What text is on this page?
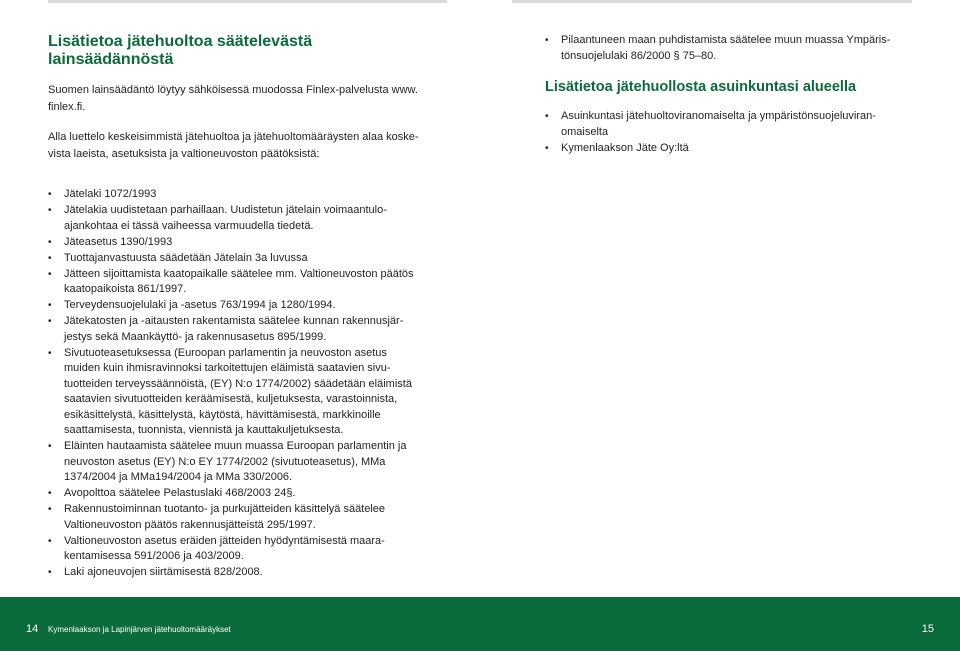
Lisätietoa jätehuoltoa säätelevästä lainsäädännöstä

Suomen lainsäädäntö löytyy sähköisessä muodossa Finlex-palvelusta www. finlex.fi.

Alla luettelo keskeisimmistä jätehuoltoa ja jätehuoltomääräysten alaa koskevista laeista, asetuksista ja valtioneuvoston päätöksistä:

• Jätelaki 1072/1993
• Jätelakia uudistetaan parhaillaan. Uudistetun jätelain voimaantuloajankohtaa ei tässä vaiheessa varmuudella tiedetä.
• Jäteasetus 1390/1993
• Tuottajanvastuusta säädetään Jätelain 3a luvussa
• Jätteen sijoittamista kaatopaikalle säätelee mm. Valtioneuvoston päätös kaatopaikoista 861/1997.
• Terveydensuojelulaki ja -asetus 763/1994 ja 1280/1994.
• Jätekatosten ja -aitausten rakentamista säätelee kunnan rakennusjärjestys sekä Maankäyttö- ja rakennusasetus 895/1999.
• Sivutuoteasetuksessa (Euroopan parlamentin ja neuvoston asetus muiden kuin ihmisravinnoksi tarkoitettujen eläimistä saatavien sivutuotteiden terveyssäännöistä, (EY) N:o 1774/2002) säädetään eläimistä saatavien sivutuotteiden keräämisestä, kuljetuksesta, varastoinnista, esikäsittelystä, käsittelystä, käytöstä, hävittämisestä, markkinoille saattamisesta, tuonnista, viennistä ja kauttakuljetuksesta.
• Eläinten hautaamista säätelee muun muassa Euroopan parlamentin ja neuvoston asetus (EY) N:o EY 1774/2002 (sivutuoteasetus), MMa 1374/2004 ja MMa194/2004 ja MMa 330/2006.
• Avopolttoa säätelee Pelastuslaki 468/2003 24§.
• Rakennustoiminnan tuotanto- ja purkujätteiden käsittelyä säätelee Valtioneuvoston päätös rakennusjätteistä 295/1997.
• Valtioneuvoston asetus eräiden jätteiden hyödyntämisestä maarakentamisessa 591/2006 ja 403/2009.
• Laki ajoneuvojen siirtämisestä 828/2008.
• Pilaantuneen maan puhdistamista säätelee muun muassa Ympäristönsuojelulaki 86/2000 § 75–80.
Lisätietoa jätehuollosta asuinkuntasi alueella
• Asuinkuntasi jätehuoltoviranomaiselta ja ympäristönsuojeluviranomaiselta
• Kymenlaakson Jäte Oy:ltä
14 Kymenlaakson ja Lapinjärven jätehuoltomääräykset	15
